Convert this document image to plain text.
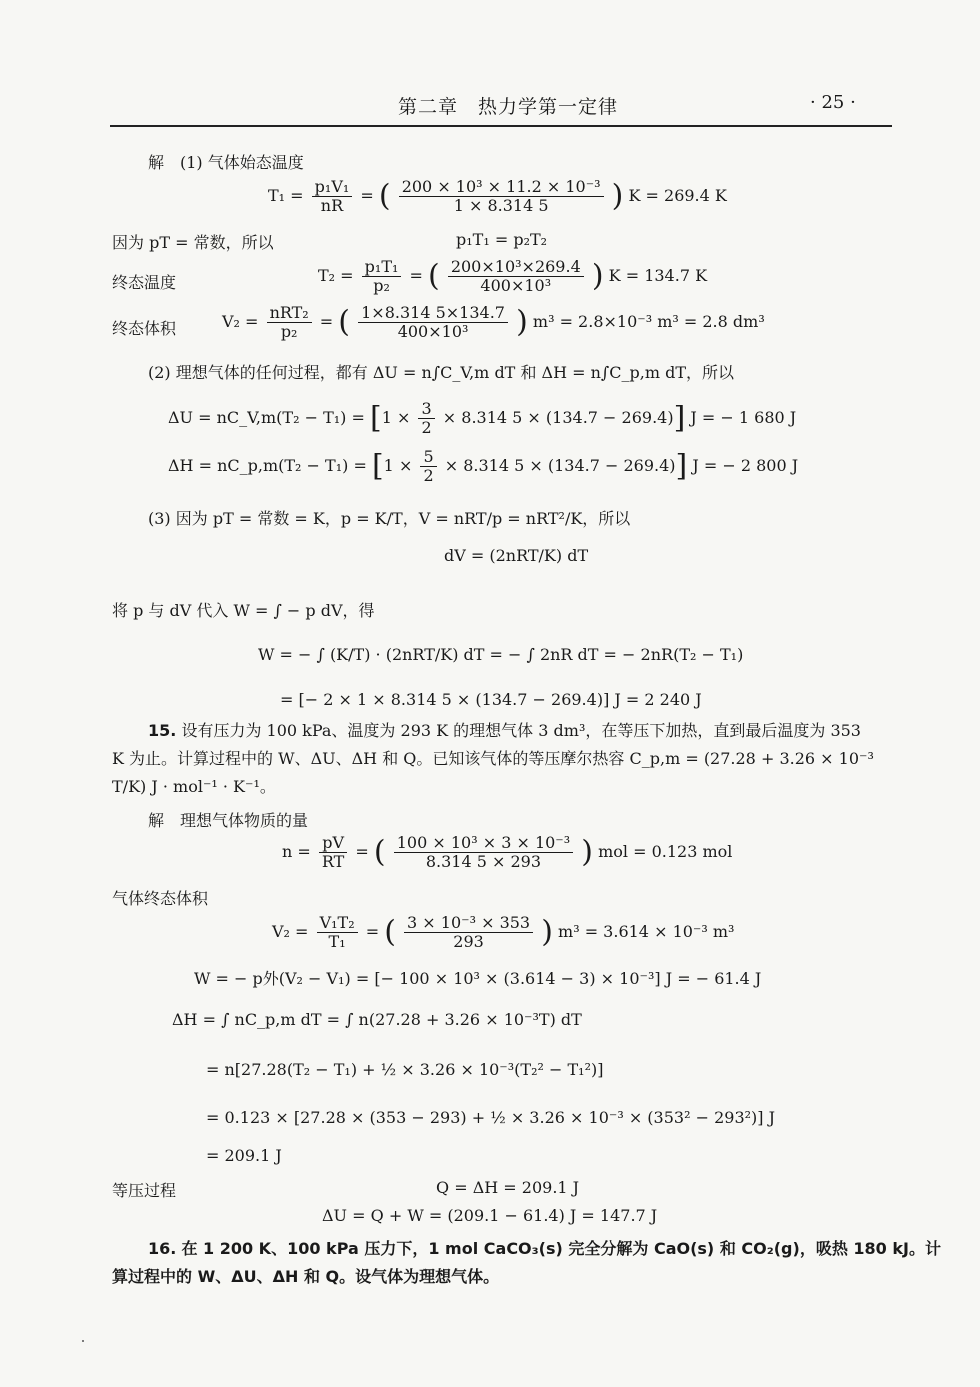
第二章　热力学第一定律	· 25 ·
解　(1) 气体始态温度
$T_1 = \frac{\text{p₁V₁}}{nR}$ = ( $\frac{\text{200 × 10³ × 11.2 × 10⁻³}}{1 \times 8.314 5}$ ) K = 269.4 K
因为 pT = 常数，所以	p₁T₁ = p₂T₂
终态温度	$T_2 = \frac{\text{p₁T₁}}{\text{p₂}}$ = ( $\frac{\text{200×10³×269.4}}{\text{400×10³}}$ ) K = 134.7 K
终态体积	$V_2 = \frac{\text{nRT₂}}{\text{p₂}}$ = ( $\frac{1\times 8.314 5\times 134.7}{\text{400×10³}}$ ) m³ = 2.8×10⁻³ m³ = 2.8 dm³
(2) 理想气体的任何过程，都有 ΔU = n∫C_V,m dT 和 ΔH = n∫C_p,m dT，所以
ΔU = nC_V,m(T₂ − $T_1) = [1 \times \frac{3}{2} \times 8.314$ 5 × (134.7 − 269.4)] J = − 1 680 J
ΔH = nC_p,m(T₂ − $T_1) = [1 \times \frac{5}{2} \times 8.314$ 5 × (134.7 − 269.4)] J = − 2 800 J
(3) 因为 pT = 常数 = K，p = K/T，V = nRT/p = nRT²/K，所以
dV = (2nRT/K) dT
将 p 与 dV 代入 W = ∫ − p dV，得
W = − ∫ (K/T) · (2nRT/K) dT = − ∫ 2nR dT = − 2nR(T₂ − T₁)
= [− 2 × 1 × 8.314 5 × (134.7 − 269.4)] J = 2 240 J
15. 设有压力为 100 kPa、温度为 293 K 的理想气体 3 dm³，在等压下加热，直到最后温度为 353
K 为止。计算过程中的 W、ΔU、ΔH 和 Q。已知该气体的等压摩尔热容 C_p,m = (27.28 + 3.26 × 10⁻³
T/K) J · mol⁻¹ · K⁻¹。
解　理想气体物质的量
$n = \frac{pV}{RT}$ = ( $\frac{\text{100 × 10³ × 3 × 10⁻³}}{8.314 5 \times 293}$ ) mol = 0.123 mol
气体终态体积
$V_2 = \frac{\text{V₁T₂}}{\text{T₁}}$ = ( $\frac{\text{3 × 10⁻³ × 353}}{293}$ ) m³ = 3.614 × 10⁻³ m³
W = − p外(V₂ − V₁) = [− 100 × 10³ × (3.614 − 3) × 10⁻³] J = − 61.4 J
ΔH = ∫ nC_p,m dT = ∫ n(27.28 + 3.26 × 10⁻³T) dT
= n[27.28(T₂ − T₁) + ½ × 3.26 × 10⁻³(T₂² − T₁²)]
= 0.123 × [27.28 × (353 − 293) + ½ × 3.26 × 10⁻³ × (353² − 293²)] J
= 209.1 J
等压过程	Q = ΔH = 209.1 J
ΔU = Q + W = (209.1 − 61.4) J = 147.7 J
16. 在 1 200 K、100 kPa 压力下，1 mol CaCO₃(s) 完全分解为 CaO(s) 和 CO₂(g)，吸热 180 kJ。计
算过程中的 W、ΔU、ΔH 和 Q。设气体为理想气体。
